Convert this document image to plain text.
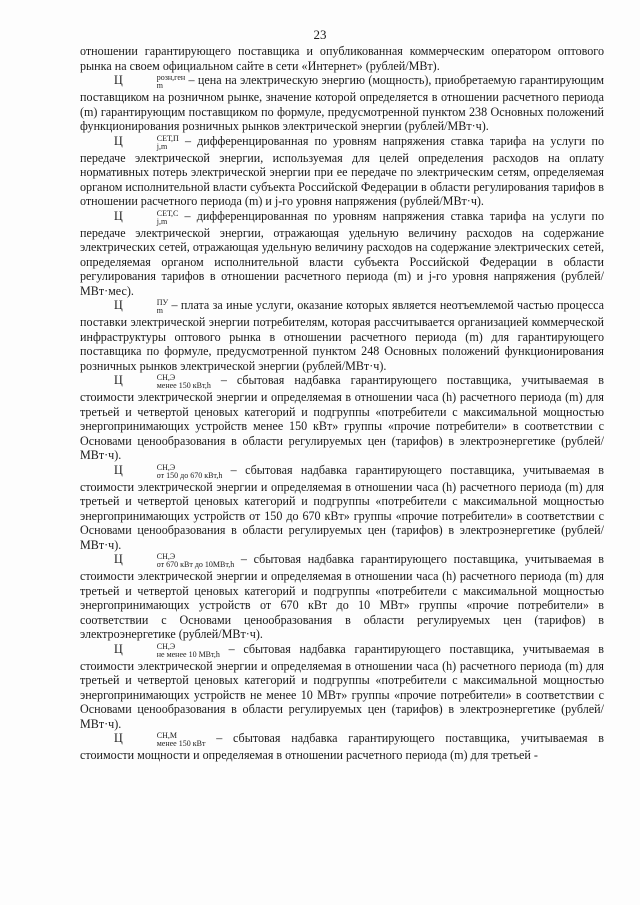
23

отношении гарантирующего поставщика и опубликованная коммерческим оператором оптового рынка на своем официальном сайте в сети «Интернет» (рублей/МВт).

Ц	розн,ген
m	– цена на электрическую энергию (мощность), приобретаемую гарантирующим поставщиком на розничном рынке, значение которой определяется в отношении расчетного периода (m) гарантирующим поставщиком по формуле, предусмотренной пунктом 238 Основных положений функционирования розничных рынков электрической энергии (рублей/МВт·ч).

Ц	СЕТ,П
j,m – дифференцированная по уровням напряжения ставка тарифа на услуги по передаче электрической энергии, используемая для целей определения расходов на оплату нормативных потерь электрической энергии при ее передаче по электрическим сетям, определяемая органом исполнительной власти субъекта Российской Федерации в области регулирования тарифов в отношении расчетного периода (m) и j-го уровня напряжения (рублей/МВт·ч).

Ц	СЕТ,С
j,m – дифференцированная по уровням напряжения ставка тарифа на услуги по передаче электрической энергии, отражающая удельную величину расходов на содержание электрических сетей, отражающая удельную величину расходов на содержание электрических сетей, определяемая органом исполнительной власти субъекта Российской Федерации в области регулирования тарифов в отношении расчетного периода (m) и j-го уровня напряжения (рублей/МВт·мес).

Ц	ПУ
m – плата за иные услуги, оказание которых является неотъемлемой частью процесса поставки электрической энергии потребителям, которая рассчитывается организацией коммерческой инфраструктуры оптового рынка в отношении расчетного периода (m) для гарантирующего поставщика по формуле, предусмотренной пунктом 248 Основных положений функционирования розничных рынков электрической энергии (рублей/МВт·ч).

Ц	СН,Э
менее 150 кВт,h – сбытовая надбавка гарантирующего поставщика, учитываемая в стоимости электрической энергии и определяемая в отношении часа (h) расчетного периода (m) для третьей и четвертой ценовых категорий и подгруппы «потребители с максимальной мощностью энергопринимающих устройств менее 150 кВт» группы «прочие потребители» в соответствии с Основами ценообразования в области регулируемых цен (тарифов) в электроэнергетике (рублей/МВт·ч).

Ц	СН,Э
от 150 до 670 кВт,h – сбытовая надбавка гарантирующего поставщика, учитываемая в стоимости электрической энергии и определяемая в отношении часа (h) расчетного периода (m) для третьей и четвертой ценовых категорий и подгруппы «потребители с максимальной мощностью энергопринимающих устройств от 150 до 670 кВт» группы «прочие потребители» в соответствии с Основами ценообразования в области регулируемых цен (тарифов) в электроэнергетике (рублей/МВт·ч).

Ц	СН,Э
от 670 кВт до 10МВт,h – сбытовая надбавка гарантирующего поставщика, учитываемая в стоимости электрической энергии и определяемая в отношении часа (h) расчетного периода (m) для третьей и четвертой ценовых категорий и подгруппы «потребители с максимальной мощностью энергопринимающих устройств от 670 кВт до 10 МВт» группы «прочие потребители» в соответствии с Основами ценообразования в области регулируемых цен (тарифов) в электроэнергетике (рублей/МВт·ч).

Ц	СН,Э
не менее 10 МВт,h – сбытовая надбавка гарантирующего поставщика, учитываемая в стоимости электрической энергии и определяемая в отношении часа (h) расчетного периода (m) для третьей и четвертой ценовых категорий и подгруппы «потребители с максимальной мощностью энергопринимающих устройств не менее 10 МВт» группы «прочие потребители» в соответствии с Основами ценообразования в области регулируемых цен (тарифов) в электроэнергетике (рублей/МВт·ч).

Ц	СН,М
менее 150 кВт – сбытовая надбавка гарантирующего поставщика, учитываемая в стоимости мощности и определяемая в отношении расчетного периода (m) для третьей -
